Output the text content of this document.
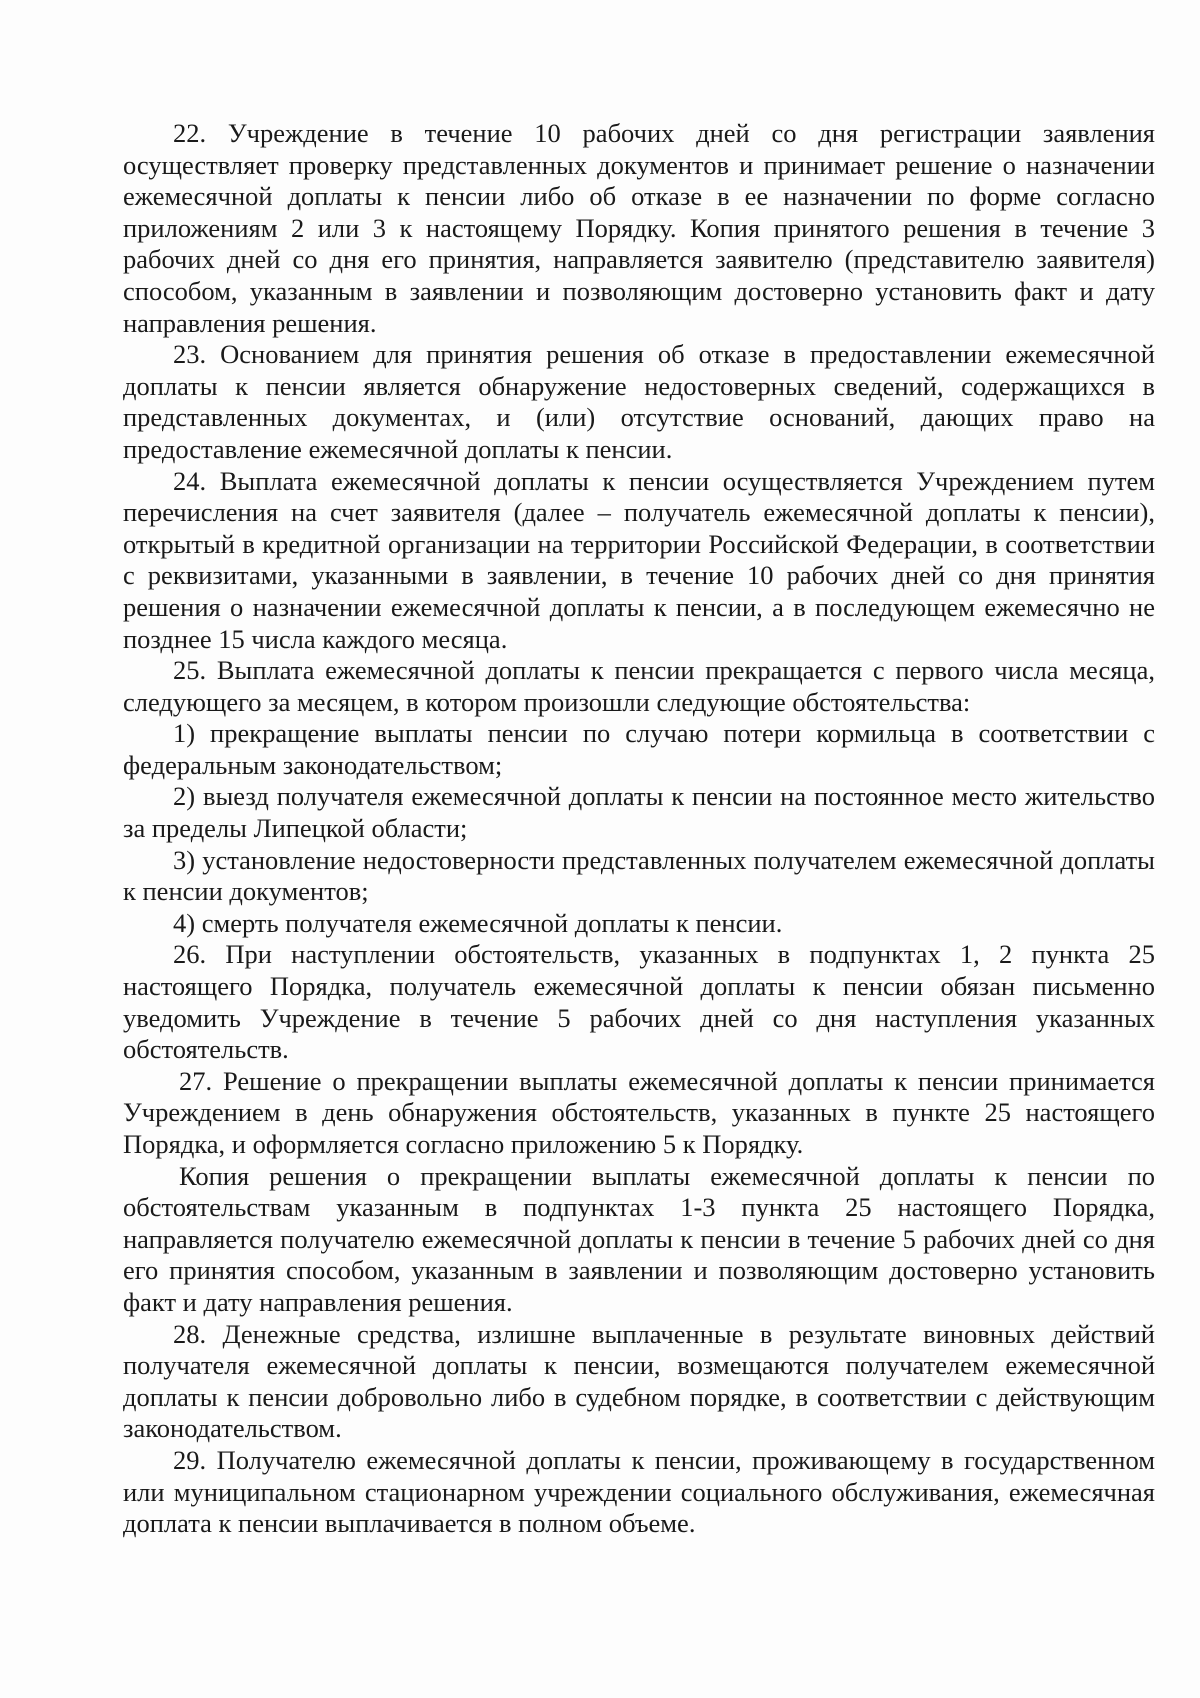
22. Учреждение в течение 10 рабочих дней со дня регистрации заявления осуществляет проверку представленных документов и принимает решение о назначении ежемесячной доплаты к пенсии либо об отказе в ее назначении по форме согласно приложениям 2 или 3 к настоящему Порядку. Копия принятого решения в течение 3 рабочих дней со дня его принятия, направляется заявителю (представителю заявителя) способом, указанным в заявлении и позволяющим достоверно установить факт и дату направления решения.

23. Основанием для принятия решения об отказе в предоставлении ежемесячной доплаты к пенсии является обнаружение недостоверных сведений, содержащихся в представленных документах, и (или) отсутствие оснований, дающих право на предоставление ежемесячной доплаты к пенсии.

24. Выплата ежемесячной доплаты к пенсии осуществляется Учреждением путем перечисления на счет заявителя (далее – получатель ежемесячной доплаты к пенсии), открытый в кредитной организации на территории Российской Федерации, в соответствии с реквизитами, указанными в заявлении, в течение 10 рабочих дней со дня принятия решения о назначении ежемесячной доплаты к пенсии, а в последующем ежемесячно не позднее 15 числа каждого месяца.

25. Выплата ежемесячной доплаты к пенсии прекращается с первого числа месяца, следующего за месяцем, в котором произошли следующие обстоятельства:

1) прекращение выплаты пенсии по случаю потери кормильца в соответствии с федеральным законодательством;

2) выезд получателя ежемесячной доплаты к пенсии на постоянное место жительство за пределы Липецкой области;

3) установление недостоверности представленных получателем ежемесячной доплаты к пенсии документов;

4) смерть получателя ежемесячной доплаты к пенсии.

26. При наступлении обстоятельств, указанных в подпунктах 1, 2 пункта 25 настоящего Порядка, получатель ежемесячной доплаты к пенсии обязан письменно уведомить Учреждение в течение 5 рабочих дней со дня наступления указанных обстоятельств.

27. Решение о прекращении выплаты ежемесячной доплаты к пенсии принимается Учреждением в день обнаружения обстоятельств, указанных в пункте 25 настоящего Порядка, и оформляется согласно приложению 5 к Порядку.

Копия решения о прекращении выплаты ежемесячной доплаты к пенсии по обстоятельствам указанным в подпунктах 1-3 пункта 25 настоящего Порядка, направляется получателю ежемесячной доплаты к пенсии в течение 5 рабочих дней со дня его принятия способом, указанным в заявлении и позволяющим достоверно установить факт и дату направления решения.

28. Денежные средства, излишне выплаченные в результате виновных действий получателя ежемесячной доплаты к пенсии, возмещаются получателем ежемесячной доплаты к пенсии добровольно либо в судебном порядке, в соответствии с действующим законодательством.

29. Получателю ежемесячной доплаты к пенсии, проживающему в государственном или муниципальном стационарном учреждении социального обслуживания, ежемесячная доплата к пенсии выплачивается в полном объеме.
